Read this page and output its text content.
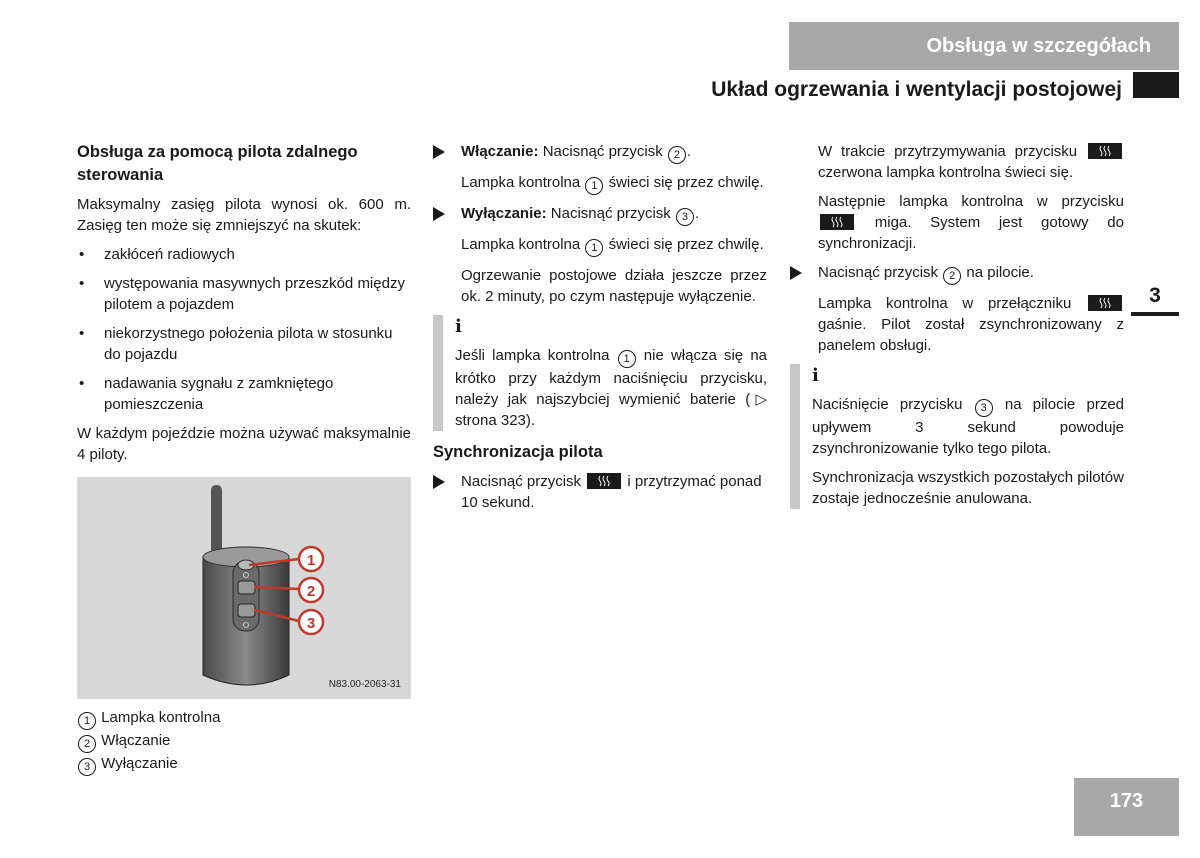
Obsługa w szczegółach
Układ ogrzewania i wentylacji postojowej
3
173
Obsługa za pomocą pilota zdalnego sterowania

Maksymalny zasięg pilota wynosi ok. 600 m. Zasięg ten może się zmniejszyć na skutek:

• zakłóceń radiowych
• występowania masywnych przeszkód między pilotem a pojazdem
• niekorzystnego położenia pilota w stosunku do pojazdu
• nadawania sygnału z zamkniętego pomieszczenia

W każdym pojeździe można używać maksymalnie 4 piloty.

1
2
3
N83.00-2063-31
1 Lampka kontrolna
2 Włączanie
3 Wyłączanie
Włączanie: Nacisnąć przycisk 2 .
Lampka kontrolna 1 świeci się przez chwilę.
Wyłączanie: Nacisnąć przycisk 3 .
Lampka kontrolna 1 świeci się przez chwilę.
Ogrzewanie postojowe działa jeszcze przez ok. 2 minuty, po czym następuje wyłączenie.
i

Jeśli lampka kontrolna 1 nie włącza się na krótko przy każdym naciśnięciu przycisku, należy jak najszybciej wymienić baterie (▷ strona 323).

Synchronizacja pilota
Nacisnąć przycisk	i przytrzymać ponad 10 sekund.
W trakcie przytrzymywania przycisku
czerwona lampka kontrolna świeci się.
Następnie lampka kontrolna w przycisku
miga. System jest gotowy do synchronizacji.
Nacisnąć przycisk 2 na pilocie.
Lampka kontrolna w przełączniku
gaśnie. Pilot został zsynchronizowany z panelem obsługi.
i

Naciśnięcie przycisku 3 na pilocie przed upływem 3 sekund powoduje zsynchronizowanie tylko tego pilota.

Synchronizacja wszystkich pozostałych pilotów zostaje jednocześnie anulowana.
